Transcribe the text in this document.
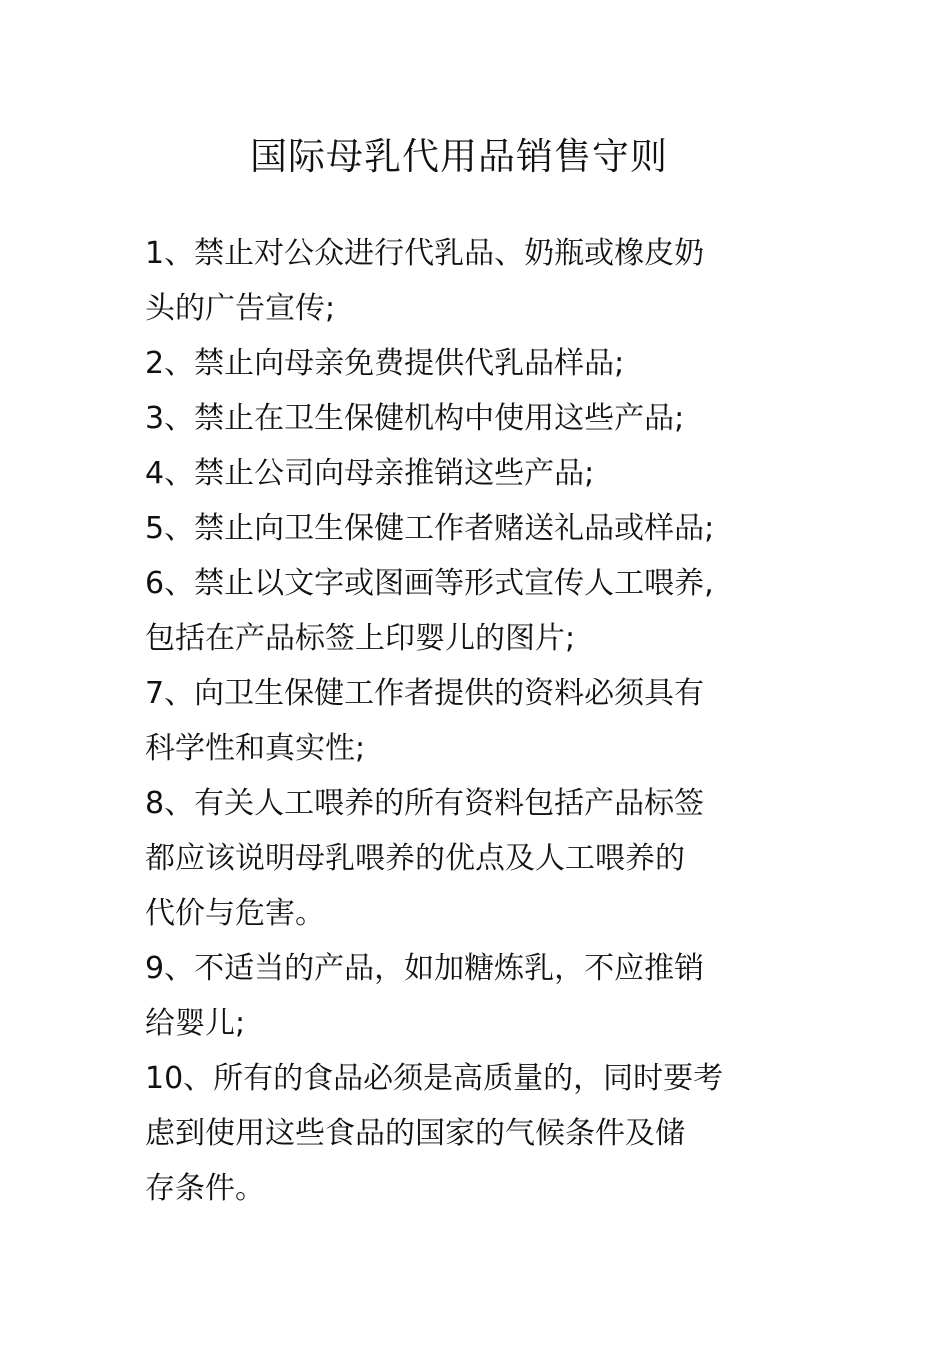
国际母乳代用品销售守则
1、禁止对公众进行代乳品、奶瓶或橡皮奶
头的广告宣传;
2、禁止向母亲免费提供代乳品样品;
3、禁止在卫生保健机构中使用这些产品;
4、禁止公司向母亲推销这些产品;
5、禁止向卫生保健工作者赌送礼品或样品;
6、禁止以文字或图画等形式宣传人工喂养,
包括在产品标签上印婴儿的图片;
7、向卫生保健工作者提供的资料必须具有
科学性和真实性;
8、有关人工喂养的所有资料包括产品标签
都应该说明母乳喂养的优点及人工喂养的
代价与危害。
9、不适当的产品，如加糖炼乳，不应推销
给婴儿;
10、所有的食品必须是高质量的，同时要考
虑到使用这些食品的国家的气候条件及储
存条件。
